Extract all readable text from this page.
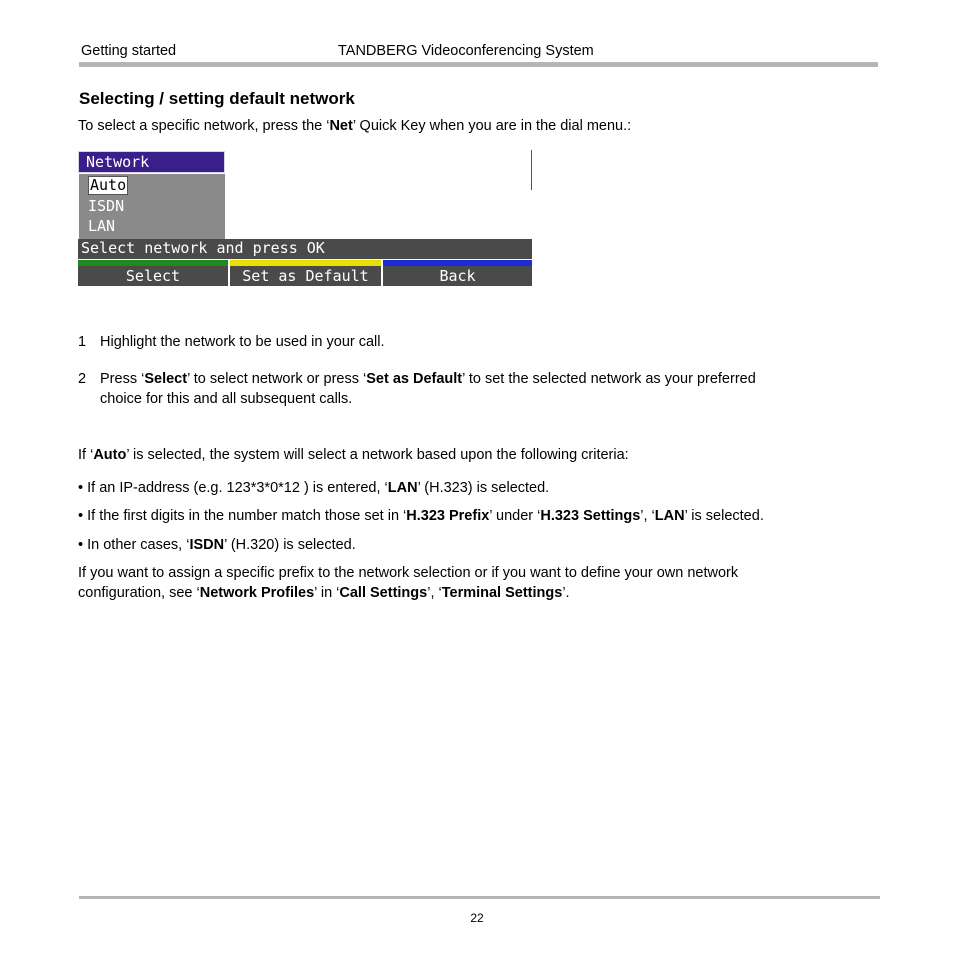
Getting started	TANDBERG Videoconferencing System
Selecting / setting default network
To select a specific network, press the ‘Net’ Quick Key when you are in the dial menu.:
Network
Auto
ISDN
LAN
Select network and press OK
Select	Set as Default	Back
1 Highlight the network to be used in your call.
2 Press ‘Select’ to select network or press ‘Set as Default’ to set the selected network as your preferred
choice for this and all subsequent calls.
If ‘Auto’ is selected, the system will select a network based upon the following criteria:
• If an IP-address (e.g. 123*3*0*12 ) is entered, ‘LAN’ (H.323) is selected.
• If the first digits in the number match those set in ‘H.323 Prefix’ under ‘H.323 Settings’, ‘LAN’ is selected.
• In other cases, ‘ISDN’ (H.320) is selected.
If you want to assign a specific prefix to the network selection or if you want to define your own network
configuration, see ‘Network Profiles’ in ‘Call Settings’, ‘Terminal Settings’.
22
